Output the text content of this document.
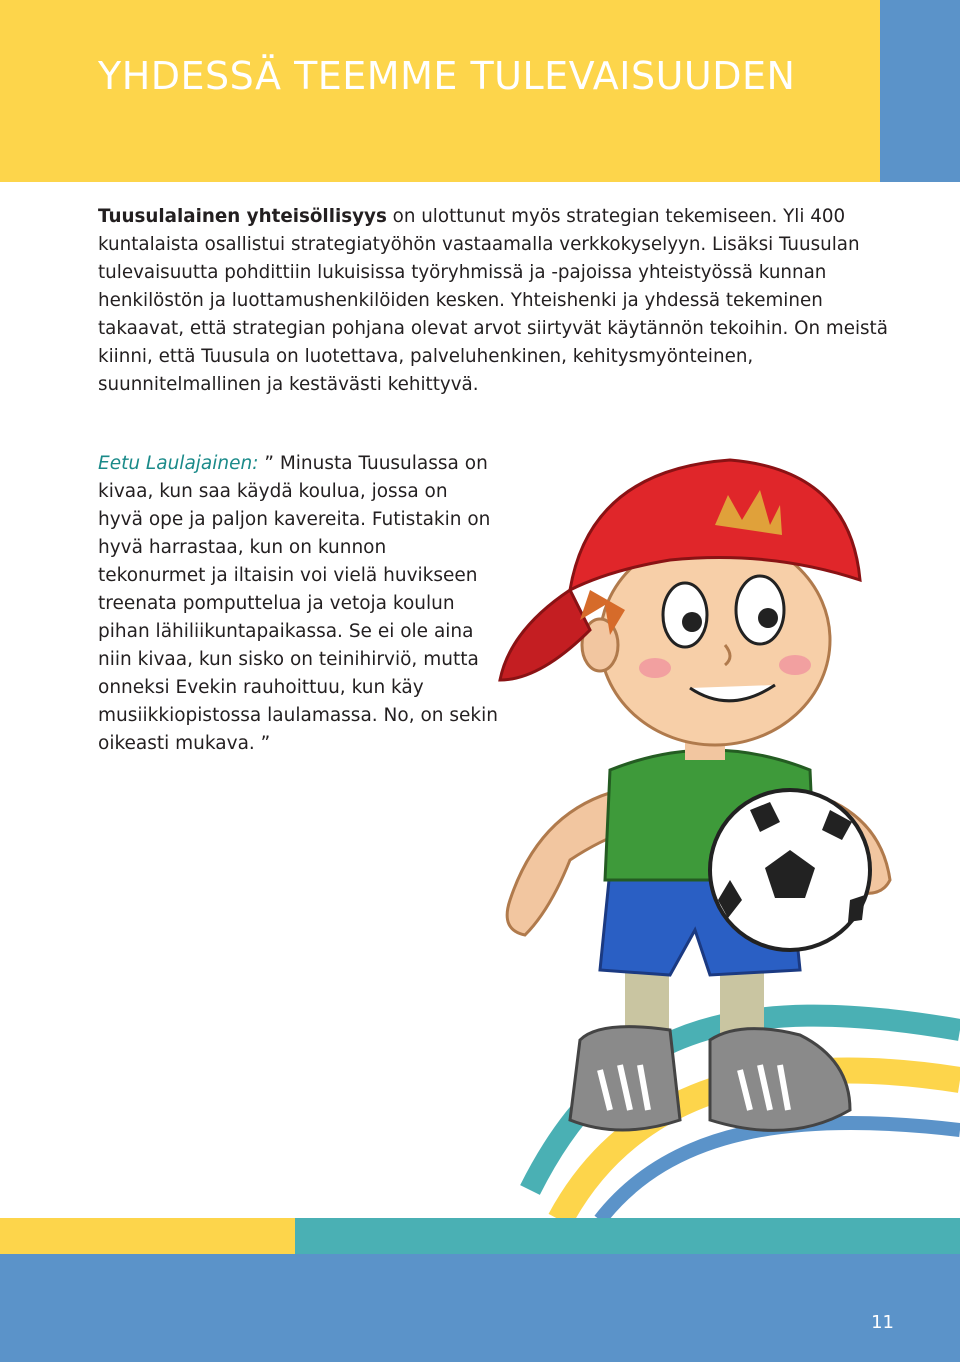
YHDESSÄ TEEMME TULEVAISUUDEN

Tuusulalainen yhteisöllisyys on ulottunut myös strategian tekemiseen. Yli 400 kuntalaista osallistui strategiatyöhön vastaamalla verkkokyselyyn. Lisäksi Tuusulan tulevaisuutta pohdittiin lukuisissa työryhmissä ja -pajoissa yhteistyössä kunnan henkilöstön ja luottamushenkilöiden kesken. Yhteishenki ja yhdessä tekeminen takaavat, että strategian pohjana olevat arvot siirtyvät käytännön tekoihin. On meistä kiinni, että Tuusula on luotettava, palveluhenkinen, kehitysmyönteinen, suunnitelmallinen ja kestävästi kehittyvä.

Eetu Laulajainen: ” Minusta Tuusulassa on kivaa, kun saa käydä koulua, jossa on hyvä ope ja paljon kavereita. Futistakin on hyvä harrastaa, kun on kunnon tekonurmet ja iltaisin voi vielä huvikseen treenata pomputtelua ja vetoja koulun pihan lähiliikuntapaikassa. Se ei ole aina niin kivaa, kun sisko on teinihirviö, mutta onneksi Evekin rauhoittuu, kun käy musiikkiopistossa laulamassa. No, on sekin oikeasti mukava. ”

11
